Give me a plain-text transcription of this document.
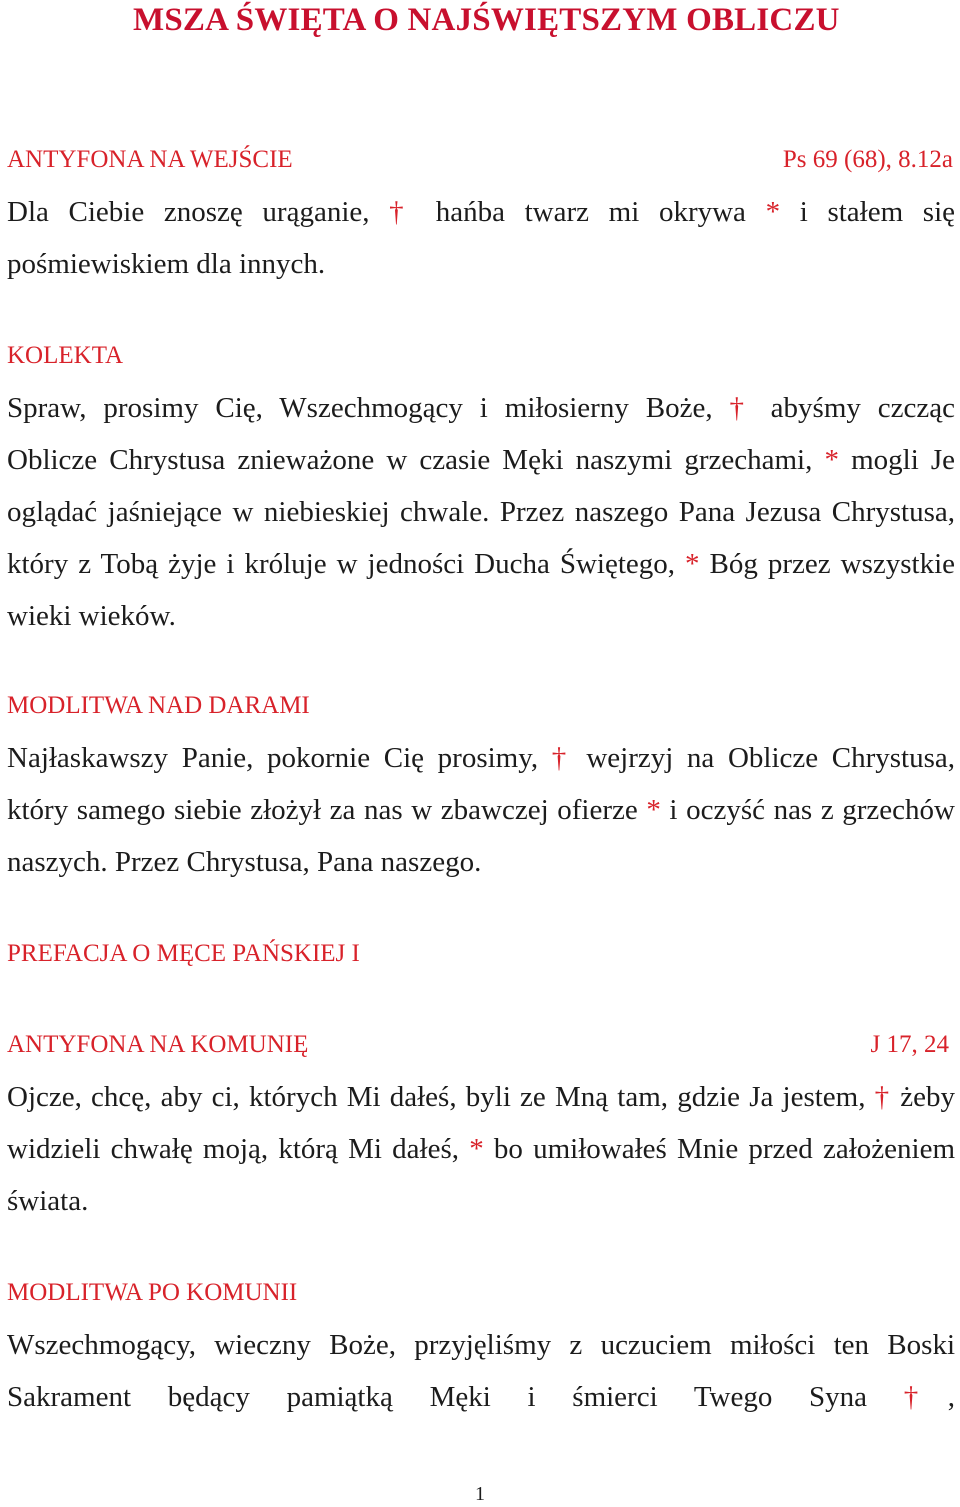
MSZA ŚWIĘTA O NAJŚWIĘTSZYM OBLICZU
ANTYFONA NA WEJŚCIE	Ps 69 (68), 8.12a
Dla Ciebie znoszę urąganie, † hańba twarz mi okrywa * i stałem się pośmiewiskiem dla innych.
KOLEKTA
Spraw, prosimy Cię, Wszechmogący i miłosierny Boże, † abyśmy czcząc Oblicze Chrystusa znieważone w czasie Męki naszymi grzechami, * mogli Je oglądać jaśniejące w niebieskiej chwale. Przez naszego Pana Jezusa Chrystusa, który z Tobą żyje i króluje w jedności Ducha Świętego, * Bóg przez wszystkie wieki wieków.
MODLITWA NAD DARAMI
Najłaskawszy Panie, pokornie Cię prosimy, † wejrzyj na Oblicze Chrystusa, który samego siebie złożył za nas w zbawczej ofierze * i oczyść nas z grzechów naszych. Przez Chrystusa, Pana naszego.
PREFACJA O MĘCE PAŃSKIEJ I
ANTYFONA NA KOMUNIĘ	J 17, 24
Ojcze, chcę, aby ci, których Mi dałeś, byli ze Mną tam, gdzie Ja jestem, † żeby widzieli chwałę moją, którą Mi dałeś, * bo umiłowałeś Mnie przed założeniem świata.
MODLITWA PO KOMUNII
Wszechmogący, wieczny Boże, przyjęliśmy z uczuciem miłości ten Boski Sakrament będący pamiątką Męki i śmierci Twego Syna †,
1
